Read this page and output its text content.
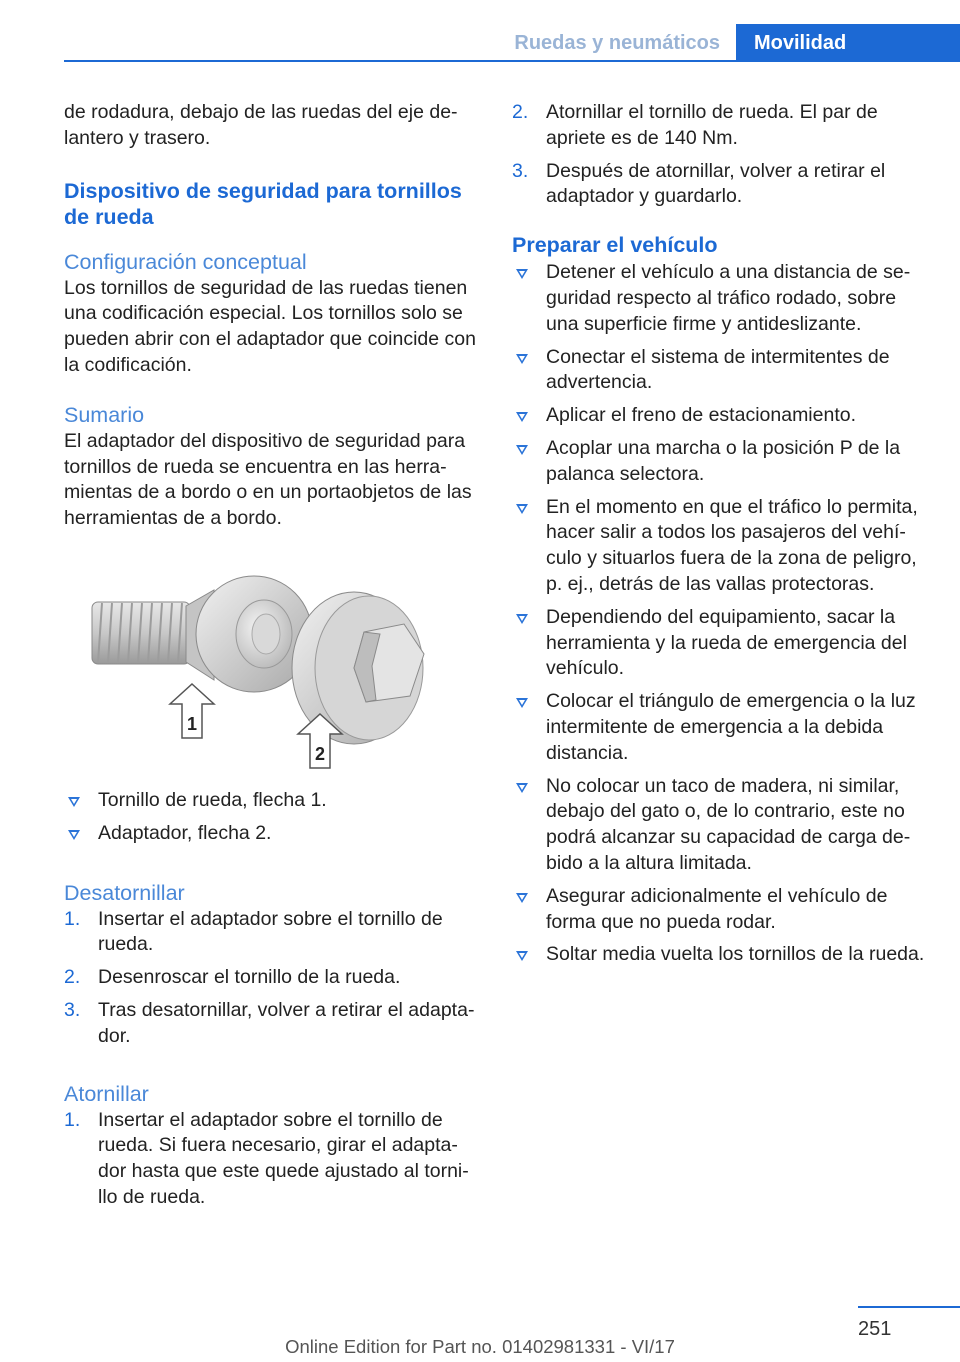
Ruedas y neumáticos	Movilidad

de rodadura, debajo de las ruedas del eje de‐lantero y trasero.

Dispositivo de seguridad para tornillos de rueda
Configuración conceptual

Los tornillos de seguridad de las ruedas tienen una codificación especial. Los tornillos solo se pueden abrir con el adaptador que coincide con la codificación.

Sumario

El adaptador del dispositivo de seguridad para tornillos de rueda se encuentra en las herra‐mientas de a bordo o en un portaobjetos de las herramientas de a bordo.

1
2
Tornillo de rueda, flecha 1.
Adaptador, flecha 2.
Desatornillar
1. Insertar el adaptador sobre el tornillo de rueda.
2. Desenroscar el tornillo de la rueda.
3. Tras desatornillar, volver a retirar el adapta‐dor.
Atornillar
1. Insertar el adaptador sobre el tornillo de rueda. Si fuera necesario, girar el adapta‐dor hasta que este quede ajustado al torni‐llo de rueda.
2. Atornillar el tornillo de rueda. El par de apriete es de 140 Nm.
3. Después de atornillar, volver a retirar el adaptador y guardarlo.
Preparar el vehículo
Detener el vehículo a una distancia de se‐guridad respecto al tráfico rodado, sobre una superficie firme y antideslizante.
Conectar el sistema de intermitentes de advertencia.
Aplicar el freno de estacionamiento.
Acoplar una marcha o la posición P de la palanca selectora.
En el momento en que el tráfico lo permita, hacer salir a todos los pasajeros del vehí‐culo y situarlos fuera de la zona de peligro, p. ej., detrás de las vallas protectoras.
Dependiendo del equipamiento, sacar la herramienta y la rueda de emergencia del vehículo.
Colocar el triángulo de emergencia o la luz intermitente de emergencia a la debida distancia.
No colocar un taco de madera, ni similar, debajo del gato o, de lo contrario, este no podrá alcanzar su capacidad de carga de‐bido a la altura limitada.
Asegurar adicionalmente el vehículo de forma que no pueda rodar.
Soltar media vuelta los tornillos de la rueda.
251
Online Edition for Part no. 01402981331 - VI/17
